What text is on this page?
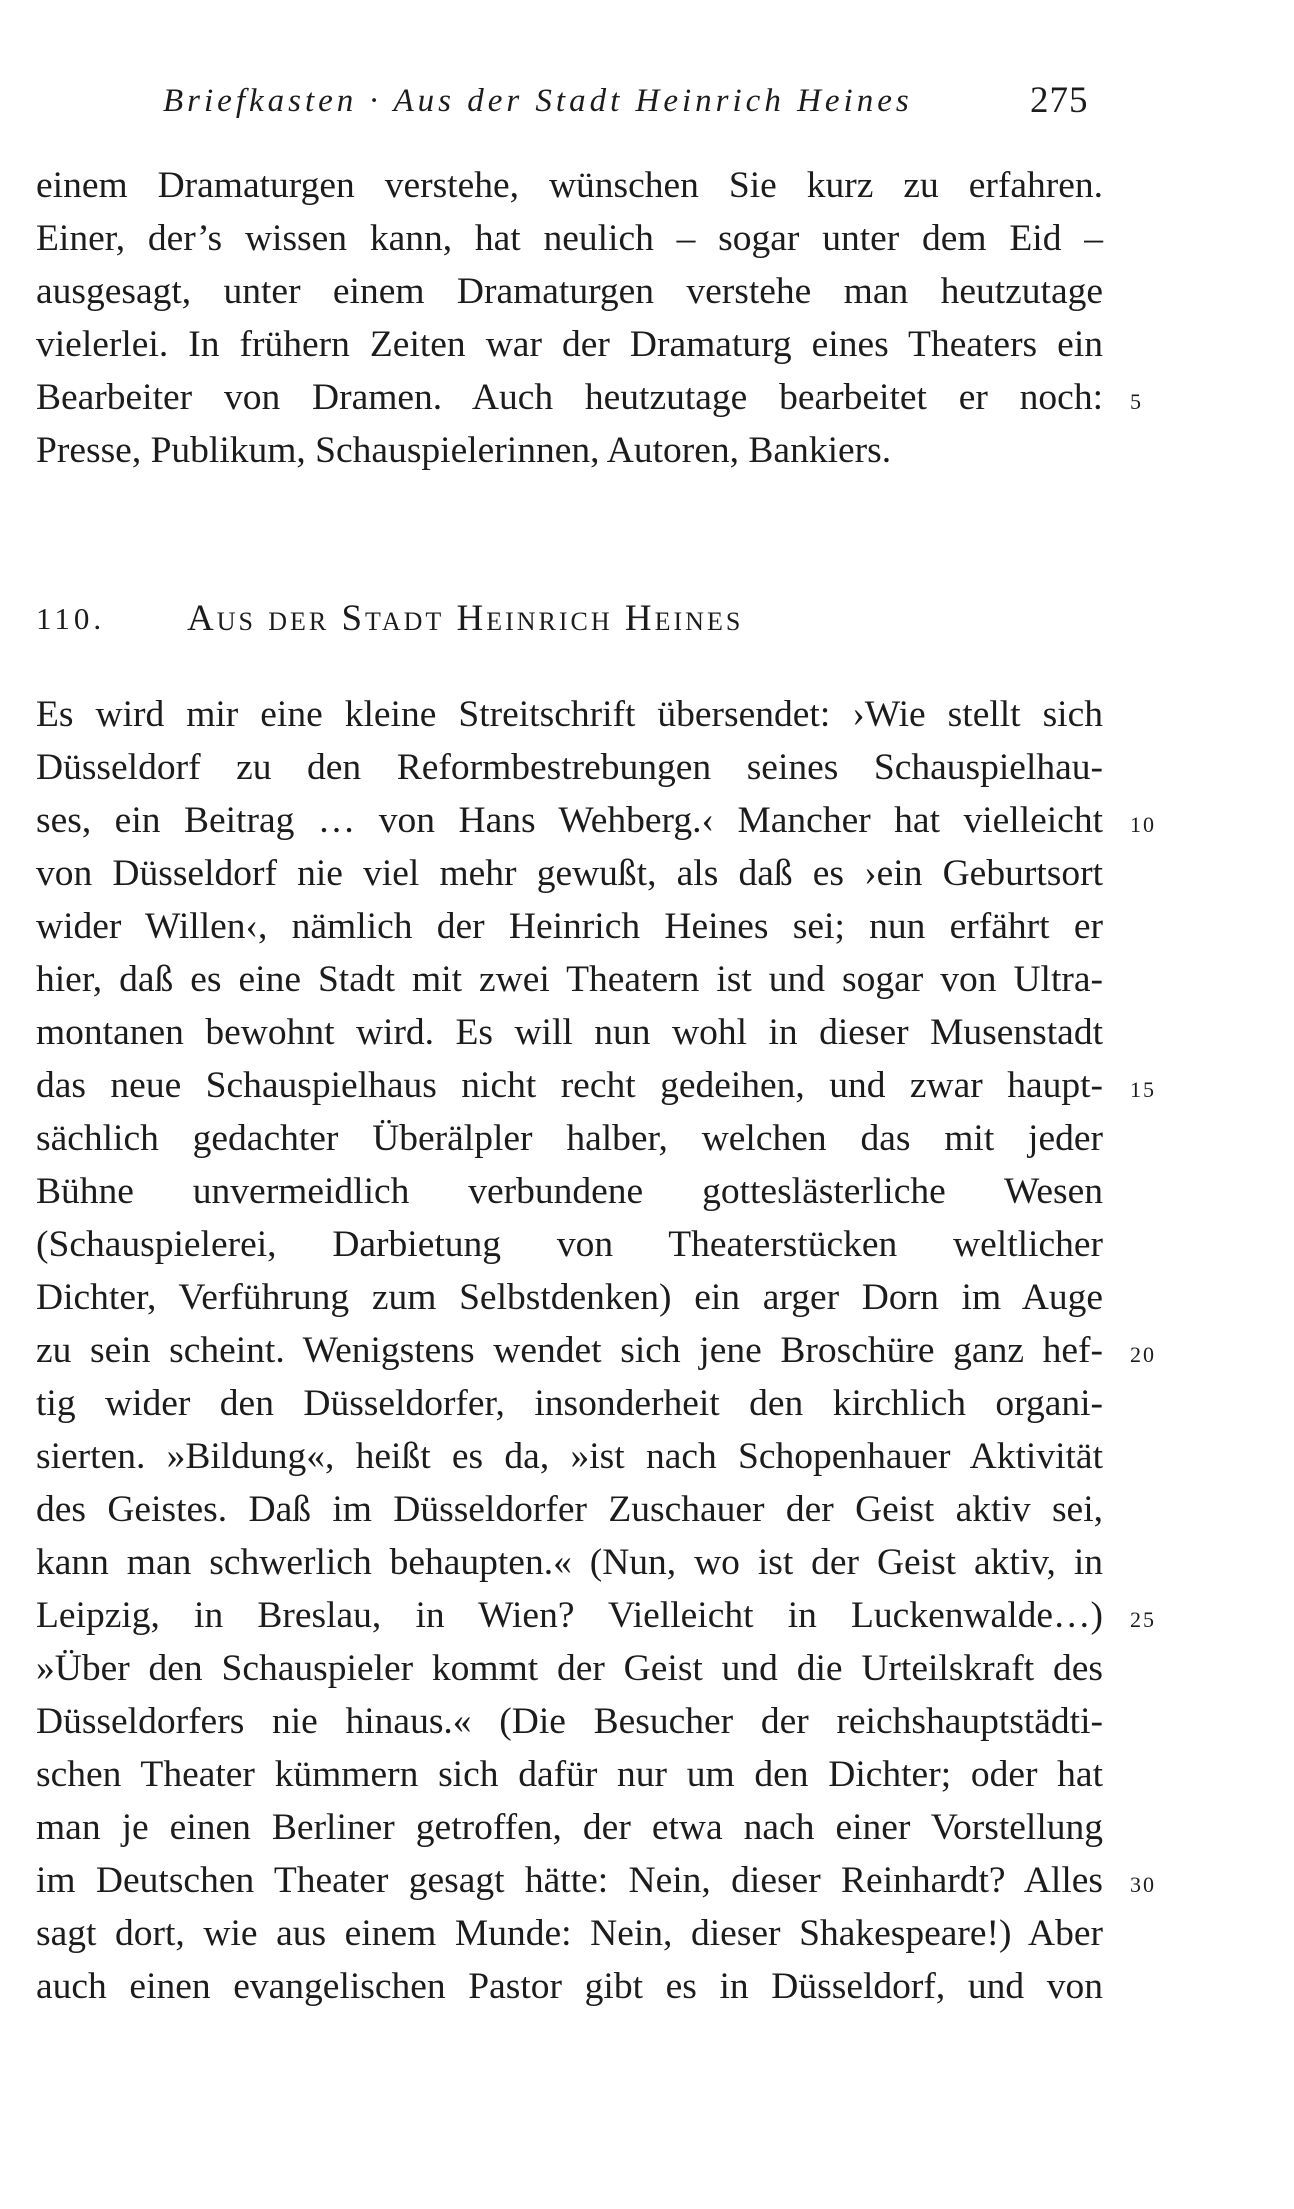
Briefkasten · Aus der Stadt Heinrich Heines	275
einem Dramaturgen verstehe, wünschen Sie kurz zu erfahren.
Einer, der’s wissen kann, hat neulich – sogar unter dem Eid –
ausgesagt, unter einem Dramaturgen verstehe man heutzutage
vielerlei. In frühern Zeiten war der Dramaturg eines Theaters ein
Bearbeiter von Dramen. Auch heutzutage bearbeitet er noch:
Presse, Publikum, Schauspielerinnen, Autoren, Bankiers.
5
110. Aus der Stadt Heinrich Heines
Es wird mir eine kleine Streitschrift übersendet: ›Wie stellt sich
Düsseldorf zu den Reformbestrebungen seines Schauspielhau-
ses, ein Beitrag … von Hans Wehberg.‹ Mancher hat vielleicht
von Düsseldorf nie viel mehr gewußt, als daß es ›ein Geburtsort
wider Willen‹, nämlich der Heinrich Heines sei; nun erfährt er
hier, daß es eine Stadt mit zwei Theatern ist und sogar von Ultra-
montanen bewohnt wird. Es will nun wohl in dieser Musenstadt
das neue Schauspielhaus nicht recht gedeihen, und zwar haupt-
sächlich gedachter Überälpler halber, welchen das mit jeder
Bühne unvermeidlich verbundene gotteslästerliche Wesen
(Schauspielerei, Darbietung von Theaterstücken weltlicher
Dichter, Verführung zum Selbstdenken) ein arger Dorn im Auge
zu sein scheint. Wenigstens wendet sich jene Broschüre ganz hef-
tig wider den Düsseldorfer, insonderheit den kirchlich organi-
sierten. »Bildung«, heißt es da, »ist nach Schopenhauer Aktivität
des Geistes. Daß im Düsseldorfer Zuschauer der Geist aktiv sei,
kann man schwerlich behaupten.« (Nun, wo ist der Geist aktiv, in
Leipzig, in Breslau, in Wien? Vielleicht in Luckenwalde…)
»Über den Schauspieler kommt der Geist und die Urteilskraft des
Düsseldorfers nie hinaus.« (Die Besucher der reichshauptstädti-
schen Theater kümmern sich dafür nur um den Dichter; oder hat
man je einen Berliner getroffen, der etwa nach einer Vorstellung
im Deutschen Theater gesagt hätte: Nein, dieser Reinhardt? Alles
sagt dort, wie aus einem Munde: Nein, dieser Shakespeare!) Aber
auch einen evangelischen Pastor gibt es in Düsseldorf, und von
10
15
20
25
30
